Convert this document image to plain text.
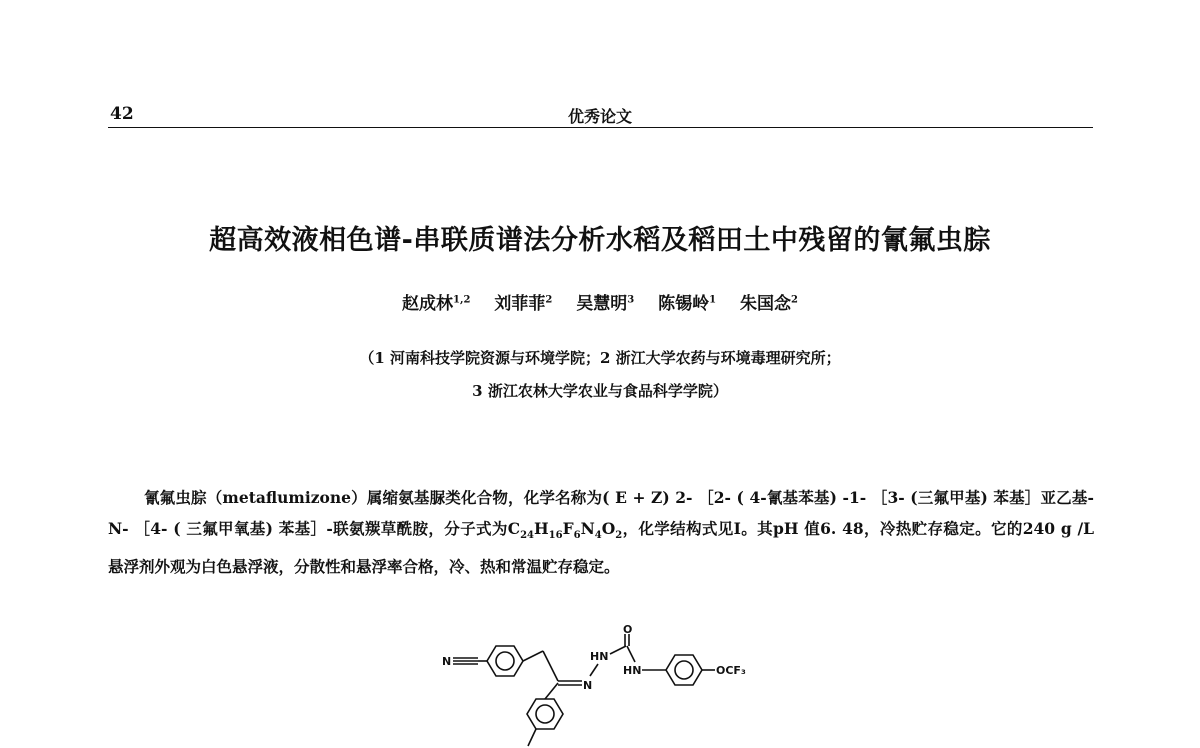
42	优秀论文
超高效液相色谱-串联质谱法分析水稻及稻田土中残留的氰氟虫腙
赵成林$^{1,2}$ 刘菲菲$^2$ 吴慧明$^3$ 陈锡岭$^1$ 朱国念$^2$
（1 河南科技学院资源与环境学院；2 浙江大学农药与环境毒理研究所；
3 浙江农林大学农业与食品科学学院）

氰氟虫腙（metaflumizone）属缩氨基脲类化合物，化学名称为( E + Z) 2- ［2- ( 4-氰基苯基) -1- ［3- (三氟甲基) 苯基］亚乙基-N- ［4- ( 三氟甲氧基) 苯基］-联氨羰草酰胺，分子式为$C_{24}H_{16}F_6N_4O_2$，化学结构式见I。其pH 值6. 48，冷热贮存稳定。它的240 g /L 悬浮剂外观为白色悬浮液，分散性和悬浮率合格，冷、热和常温贮存稳定。

N
N
HN
O
HN	OCF₃
